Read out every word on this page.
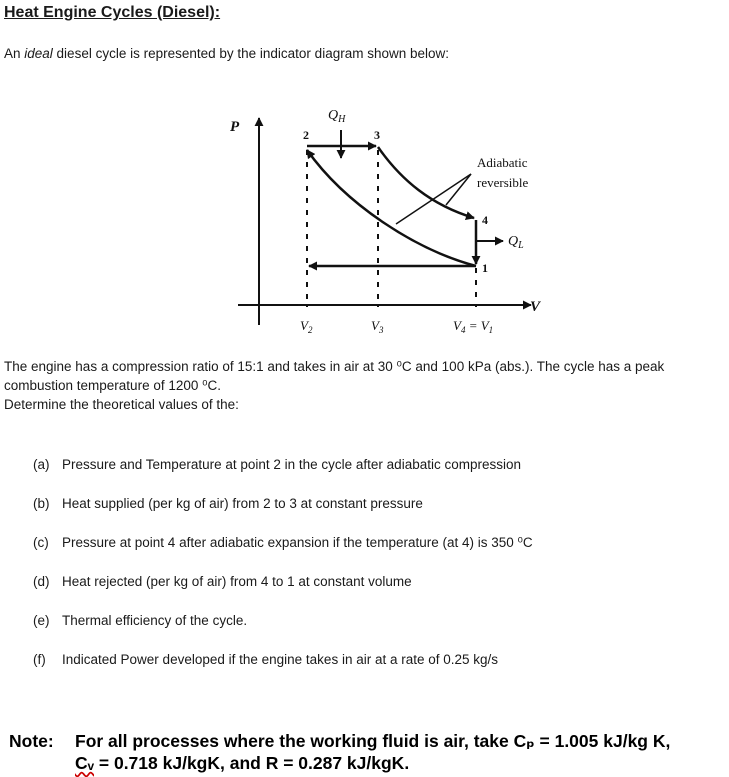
Heat Engine Cycles (Diesel):

An ideal diesel cycle is represented by the indicator diagram shown below:

P
V
$Q_H$
$Q_L$
Adiabatic
reversible
2	3
4
1
$V_2$	$V_3$	$V_4 = V_1$

The engine has a compression ratio of 15:1 and takes in air at 30 ⁰C and 100 kPa (abs.). The cycle has a peak
combustion temperature of 1200 ⁰C.
Determine the theoretical values of the:

(a) Pressure and Temperature at point 2 in the cycle after adiabatic compression
(b) Heat supplied (per kg of air) from 2 to 3 at constant pressure
(c) Pressure at point 4 after adiabatic expansion if the temperature (at 4) is 350 ⁰C
(d) Heat rejected (per kg of air) from 4 to 1 at constant volume
(e) Thermal efficiency of the cycle.
(f)	Indicated Power developed if the engine takes in air at a rate of 0.25 kg/s
Note: For all processes where the working fluid is air, take Cₚ = 1.005 kJ/kg K,
Cᵥ = 0.718 kJ/kgK, and R = 0.287 kJ/kgK.
